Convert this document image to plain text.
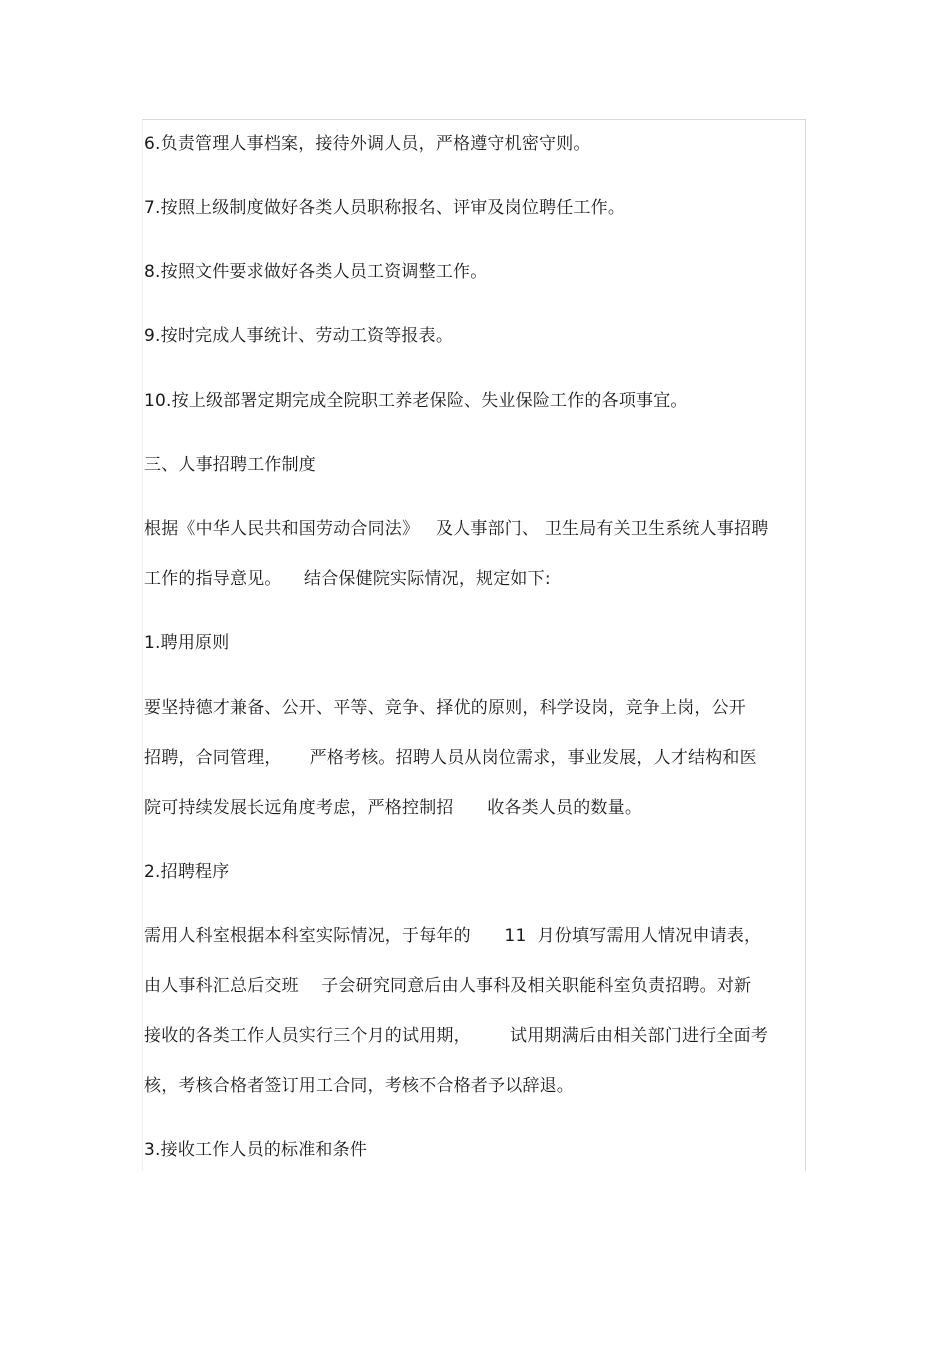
6.负责管理人事档案，接待外调人员，严格遵守机密守则。
7.按照上级制度做好各类人员职称报名、评审及岗位聘任工作。
8.按照文件要求做好各类人员工资调整工作。
9.按时完成人事统计、劳动工资等报表。
10.按上级部署定期完成全院职工养老保险、失业保险工作的各项事宜。
三、人事招聘工作制度
根据《中华人民共和国劳动合同法》   及人事部门、 卫生局有关卫生系统人事招聘
工作的指导意见。    结合保健院实际情况，规定如下:
1.聘用原则
要坚持德才兼备、公开、平等、竞争、择优的原则，科学设岗，竞争上岗，公开
招聘，合同管理，     严格考核。招聘人员从岗位需求，事业发展，人才结构和医
院可持续发展长远角度考虑，严格控制招      收各类人员的数量。
2.招聘程序
需用人科室根据本科室实际情况，于每年的      11  月份填写需用人情况申请表，
由人事科汇总后交班    子会研究同意后由人事科及相关职能科室负责招聘。对新
接收的各类工作人员实行三个月的试用期，       试用期满后由相关部门进行全面考
核，考核合格者签订用工合同，考核不合格者予以辞退。
3.接收工作人员的标准和条件
